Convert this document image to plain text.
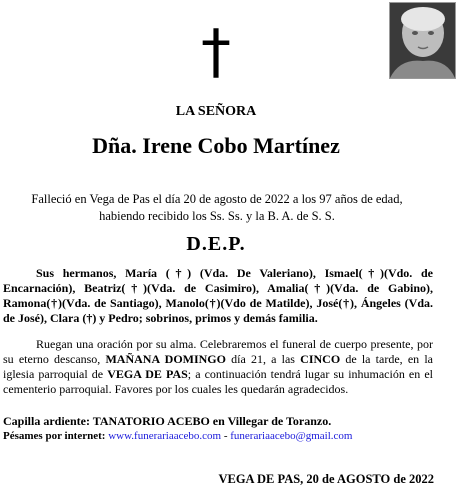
†
LA SEÑORA
Dña. Irene Cobo Martínez
Falleció en Vega de Pas el día 20 de agosto de 2022 a los 97 años de edad,
habiendo recibido los Ss. Ss. y la B. A. de S. S.
D.E.P.
Sus hermanos, María (†) (Vda. De Valeriano), Ismael(†)(Vdo. de Encarnación), Beatriz(†)(Vda. de Casimiro), Amalia(†)(Vda. de Gabino), Ramona(†)(Vda. de Santiago), Manolo(†)(Vdo de Matilde), José(†), Ángeles (Vda. de José), Clara (†) y Pedro; sobrinos, primos y demás familia.
Ruegan una oración por su alma. Celebraremos el funeral de cuerpo presente, por su eterno descanso, MAÑANA DOMINGO día 21, a las CINCO de la tarde, en la iglesia parroquial de VEGA DE PAS; a continuación tendrá lugar su inhumación en el cementerio parroquial. Favores por los cuales les quedarán agradecidos.
Capilla ardiente: TANATORIO ACEBO en Villegar de Toranzo.
Pésames por internet: www.funerariaacebo.com - funerariaacebo@gmail.com
VEGA DE PAS, 20 de AGOSTO de 2022
